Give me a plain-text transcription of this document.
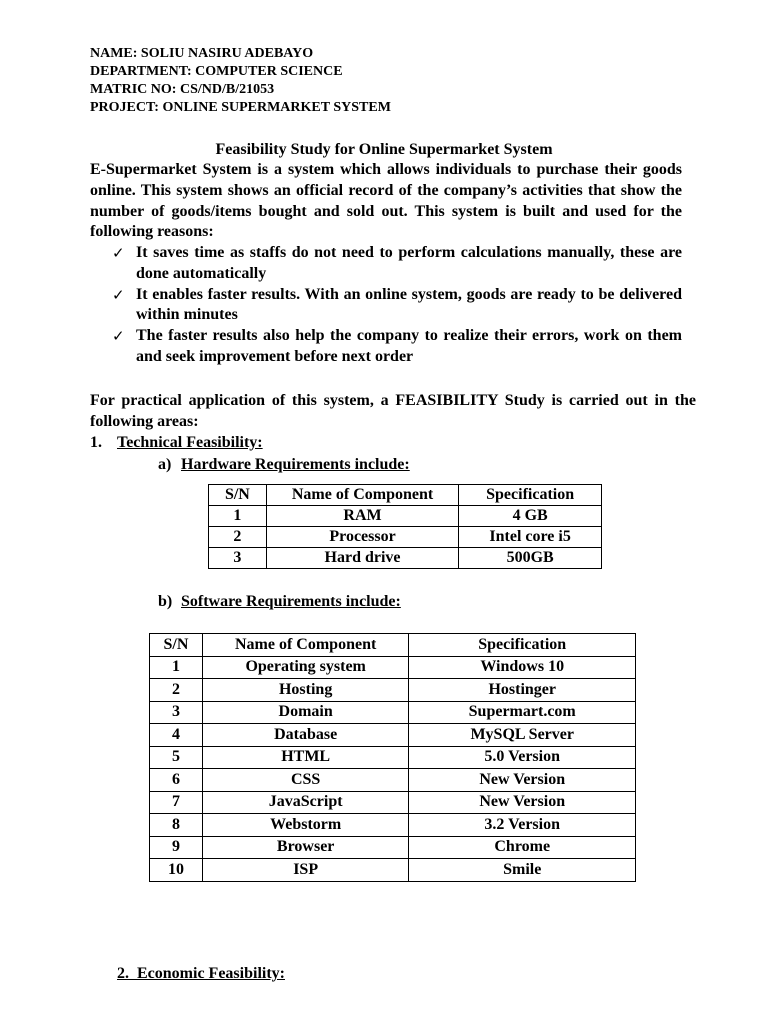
NAME: SOLIU NASIRU ADEBAYO
DEPARTMENT: COMPUTER SCIENCE
MATRIC NO: CS/ND/B/21053
PROJECT: ONLINE SUPERMARKET SYSTEM
Feasibility Study for Online Supermarket System
E-Supermarket System is a system which allows individuals to purchase their goods online. This system shows an official record of the company’s activities that show the number of goods/items bought and sold out. This system is built and used for the following reasons:
✓ It saves time as staffs do not need to perform calculations manually, these are done automatically
✓ It enables faster results. With an online system, goods are ready to be delivered within minutes
✓ The faster results also help the company to realize their errors, work on them and seek improvement before next order
For practical application of this system, a FEASIBILITY Study is carried out in the following areas:
1. Technical Feasibility:
a) Hardware Requirements include:
S/N	Name of Component	Specification
1	RAM	4 GB
2	Processor	Intel core i5
3	Hard drive	500GB
b) Software Requirements include:
S/N	Name of Component	Specification
1	Operating system	Windows 10
2	Hosting	Hostinger
3	Domain	Supermart.com
4	Database	MySQL Server
5	HTML	5.0 Version
6	CSS	New Version
7	JavaScript	New Version
8	Webstorm	3.2 Version
9	Browser	Chrome
10	ISP	Smile
2.  Economic Feasibility:
